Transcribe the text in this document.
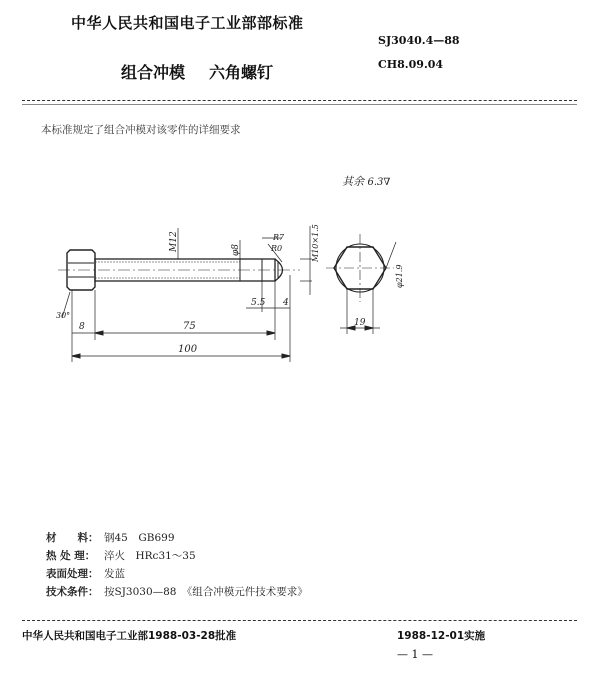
中华人民共和国电子工业部部标准
SJ3040.4—88
组合冲模 六角螺钉	CH8.09.04
本标准规定了组合冲模对该零件的详细要求
其余 6.3∇
M12	φ8
R7
R0	M10×1.5
5.5 4
75
100
8
30°
φ21.9
19
材　　料： 钢45　GB699
热 处 理： 淬火　HRc31～35
表面处理： 发蓝
技术条件： 按SJ3030—88　《组合冲模元件技术要求》
中华人民共和国电子工业部1988-03-28批准	1988-12-01实施
— 1 —
